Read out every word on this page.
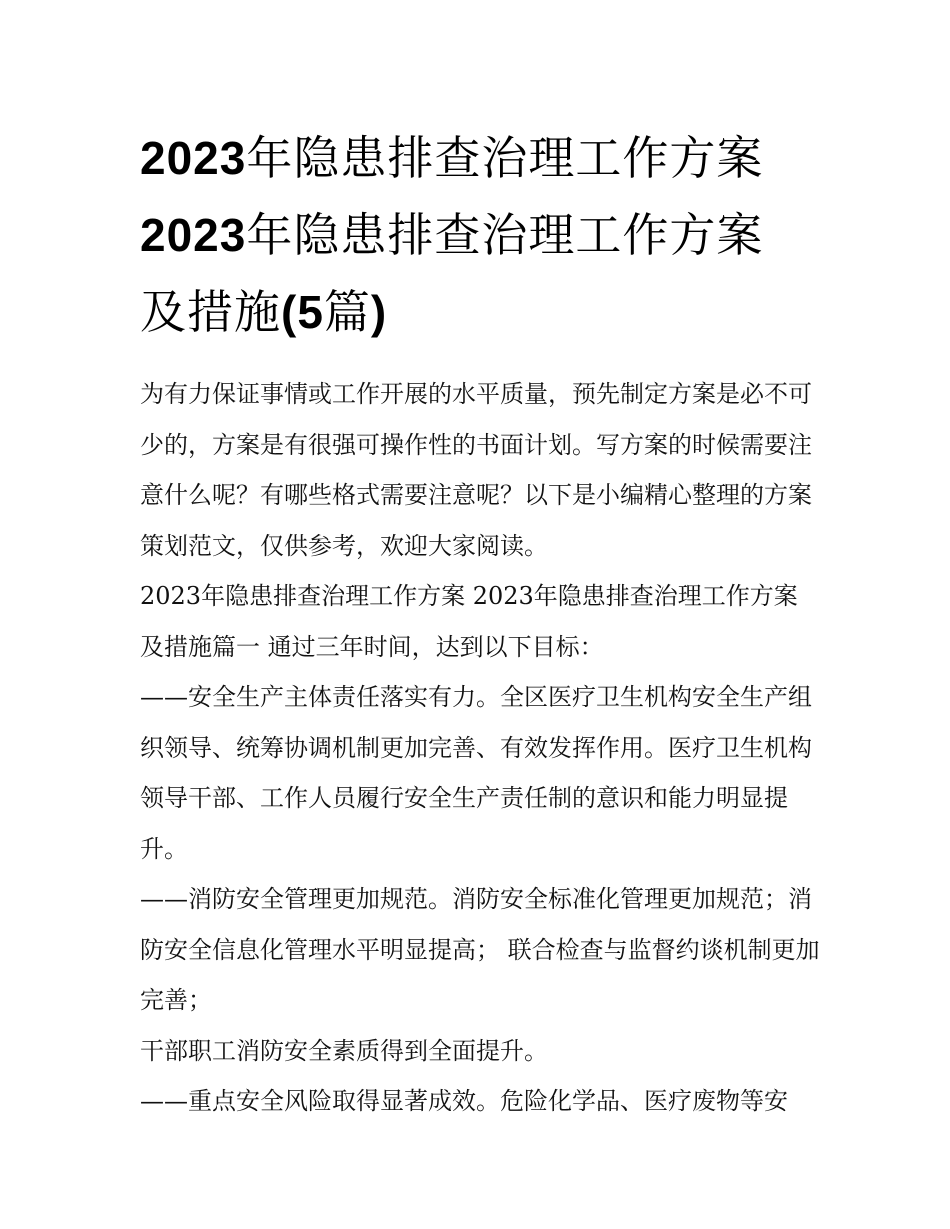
2023年隐患排查治理工作方案
2023年隐患排查治理工作方案
及措施(5篇)

为有力保证事情或工作开展的水平质量，预先制定方案是必不可少的，方案是有很强可操作性的书面计划。写方案的时候需要注意什么呢？有哪些格式需要注意呢？以下是小编精心整理的方案策划范文，仅供参考，欢迎大家阅读。

2023年隐患排查治理工作方案 2023年隐患排查治理工作方案及措施篇一 通过三年时间，达到以下目标：

——安全生产主体责任落实有力。全区医疗卫生机构安全生产组织领导、统筹协调机制更加完善、有效发挥作用。医疗卫生机构领导干部、工作人员履行安全生产责任制的意识和能力明显提升。

——消防安全管理更加规范。消防安全标准化管理更加规范；消防安全信息化管理水平明显提高； 联合检查与监督约谈机制更加完善；

干部职工消防安全素质得到全面提升。

——重点安全风险取得显著成效。危险化学品、医疗废物等安
